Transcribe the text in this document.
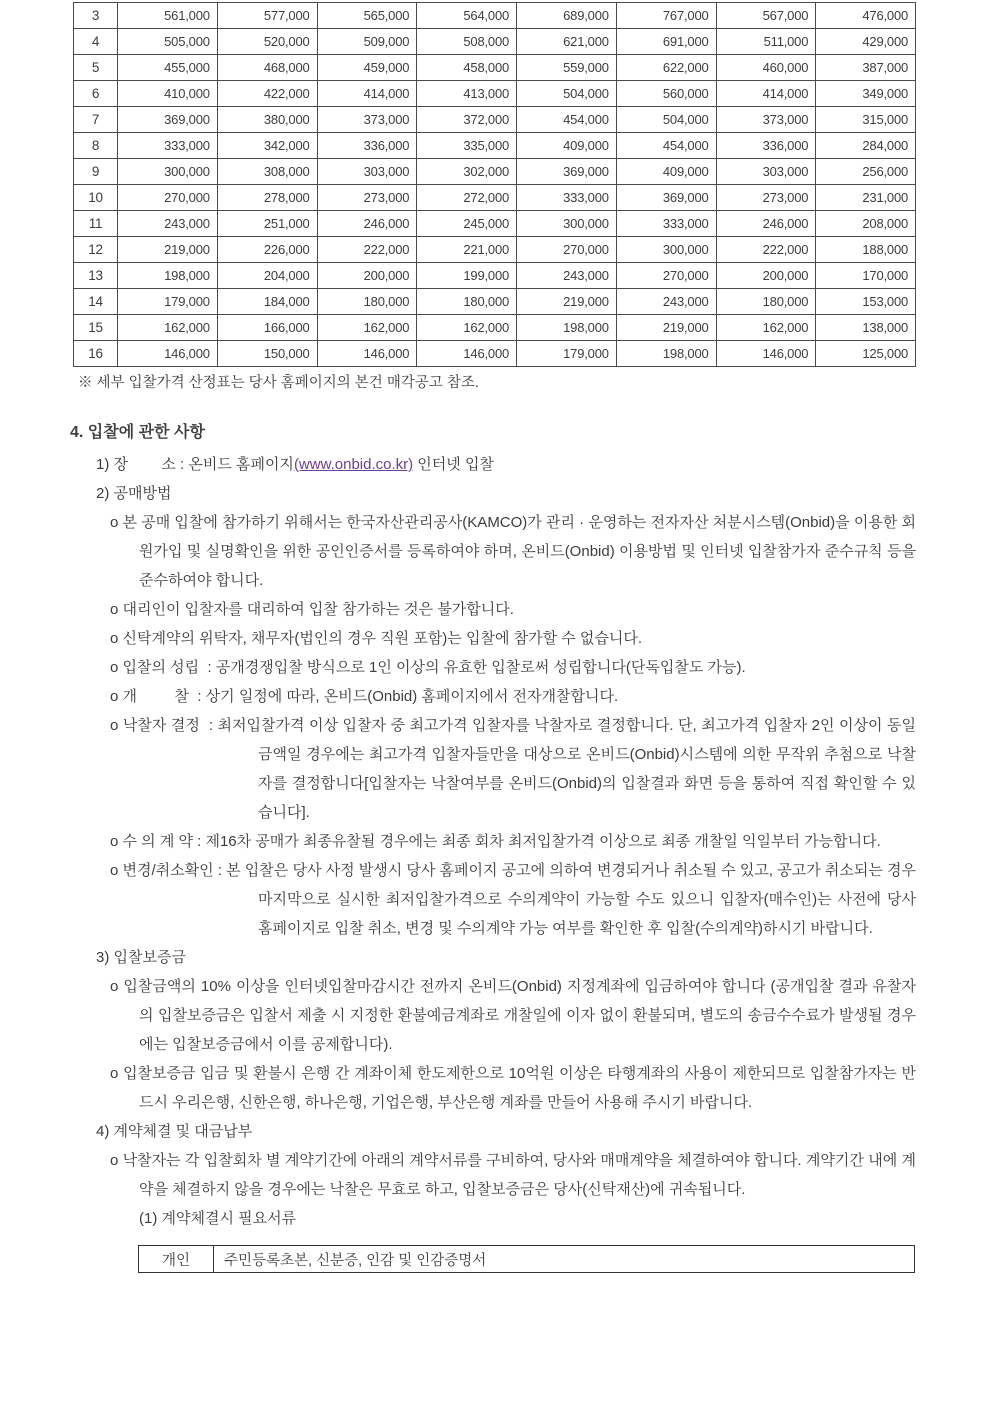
3	561,000	577,000	565,000	564,000	689,000	767,000	567,000	476,000
4	505,000	520,000	509,000	508,000	621,000	691,000	511,000	429,000
5	455,000	468,000	459,000	458,000	559,000	622,000	460,000	387,000
6	410,000	422,000	414,000	413,000	504,000	560,000	414,000	349,000
7	369,000	380,000	373,000	372,000	454,000	504,000	373,000	315,000
8	333,000	342,000	336,000	335,000	409,000	454,000	336,000	284,000
9	300,000	308,000	303,000	302,000	369,000	409,000	303,000	256,000
10	270,000	278,000	273,000	272,000	333,000	369,000	273,000	231,000
11	243,000	251,000	246,000	245,000	300,000	333,000	246,000	208,000
12	219,000	226,000	222,000	221,000	270,000	300,000	222,000	188,000
13	198,000	204,000	200,000	199,000	243,000	270,000	200,000	170,000
14	179,000	184,000	180,000	180,000	219,000	243,000	180,000	153,000
15	162,000	166,000	162,000	162,000	198,000	219,000	162,000	138,000
16	146,000	150,000	146,000	146,000	179,000	198,000	146,000	125,000

※ 세부 입찰가격 산정표는 당사 홈페이지의 본건 매각공고 참조.

4. 입찰에 관한 사항

1) 장        소 : 온비드 홈페이지(www.onbid.co.kr) 인터넷 입찰

2) 공매방법

o 본 공매 입찰에 참가하기 위해서는 한국자산관리공사(KAMCO)가 관리 · 운영하는 전자자산 처분시스템(Onbid)을 이용한 회원가입 및 실명확인을 위한 공인인증서를 등록하여야 하며, 온비드(Onbid) 이용방법 및 인터넷 입찰참가자 준수규칙 등을 준수하여야 합니다.

o 대리인이 입찰자를 대리하여 입찰 참가하는 것은 불가합니다.

o 신탁계약의 위탁자, 채무자(법인의 경우 직원 포함)는 입찰에 참가할 수 없습니다.

o 입찰의 성립  : 공개경쟁입찰 방식으로 1인 이상의 유효한 입찰로써 성립합니다(단독입찰도 가능).

o 개         찰  : 상기 일정에 따라, 온비드(Onbid) 홈페이지에서 전자개찰합니다.

o 낙찰자 결정  : 최저입찰가격 이상 입찰자 중 최고가격 입찰자를 낙찰자로 결정합니다. 단, 최고가격 입찰자 2인 이상이 동일금액일 경우에는 최고가격 입찰자들만을 대상으로 온비드(Onbid)시스템에 의한 무작위 추첨으로 낙찰자를 결정합니다[입찰자는 낙찰여부를 온비드(Onbid)의 입찰결과 화면 등을 통하여 직접 확인할 수 있습니다].

o 수 의 계 약 : 제16차 공매가 최종유찰될 경우에는 최종 회차 최저입찰가격 이상으로 최종 개찰일 익일부터 가능합니다.

o 변경/취소확인 : 본 입찰은 당사 사정 발생시 당사 홈페이지 공고에 의하여 변경되거나 취소될 수 있고, 공고가 취소되는 경우 마지막으로 실시한 최저입찰가격으로 수의계약이 가능할 수도 있으니 입찰자(매수인)는 사전에 당사 홈페이지로 입찰 취소, 변경 및 수의계약 가능 여부를 확인한 후 입찰(수의계약)하시기 바랍니다.

3) 입찰보증금

o 입찰금액의 10% 이상을 인터넷입찰마감시간 전까지 온비드(Onbid) 지정계좌에 입금하여야 합니다 (공개입찰 결과 유찰자의 입찰보증금은 입찰서 제출 시 지정한 환불예금계좌로 개찰일에 이자 없이 환불되며, 별도의 송금수수료가 발생될 경우에는 입찰보증금에서 이를 공제합니다).

o 입찰보증금 입금 및 환불시 은행 간 계좌이체 한도제한으로 10억원 이상은 타행계좌의 사용이 제한되므로 입찰참가자는 반드시 우리은행, 신한은행, 하나은행, 기업은행, 부산은행 계좌를 만들어 사용해 주시기 바랍니다.

4) 계약체결 및 대금납부

o 낙찰자는 각 입찰회차 별 계약기간에 아래의 계약서류를 구비하여, 당사와 매매계약을 체결하여야 합니다. 계약기간 내에 계약을 체결하지 않을 경우에는 낙찰은 무효로 하고, 입찰보증금은 당사(신탁재산)에 귀속됩니다.

(1) 계약체결시 필요서류

개인	주민등록초본, 신분증, 인감 및 인감증명서
